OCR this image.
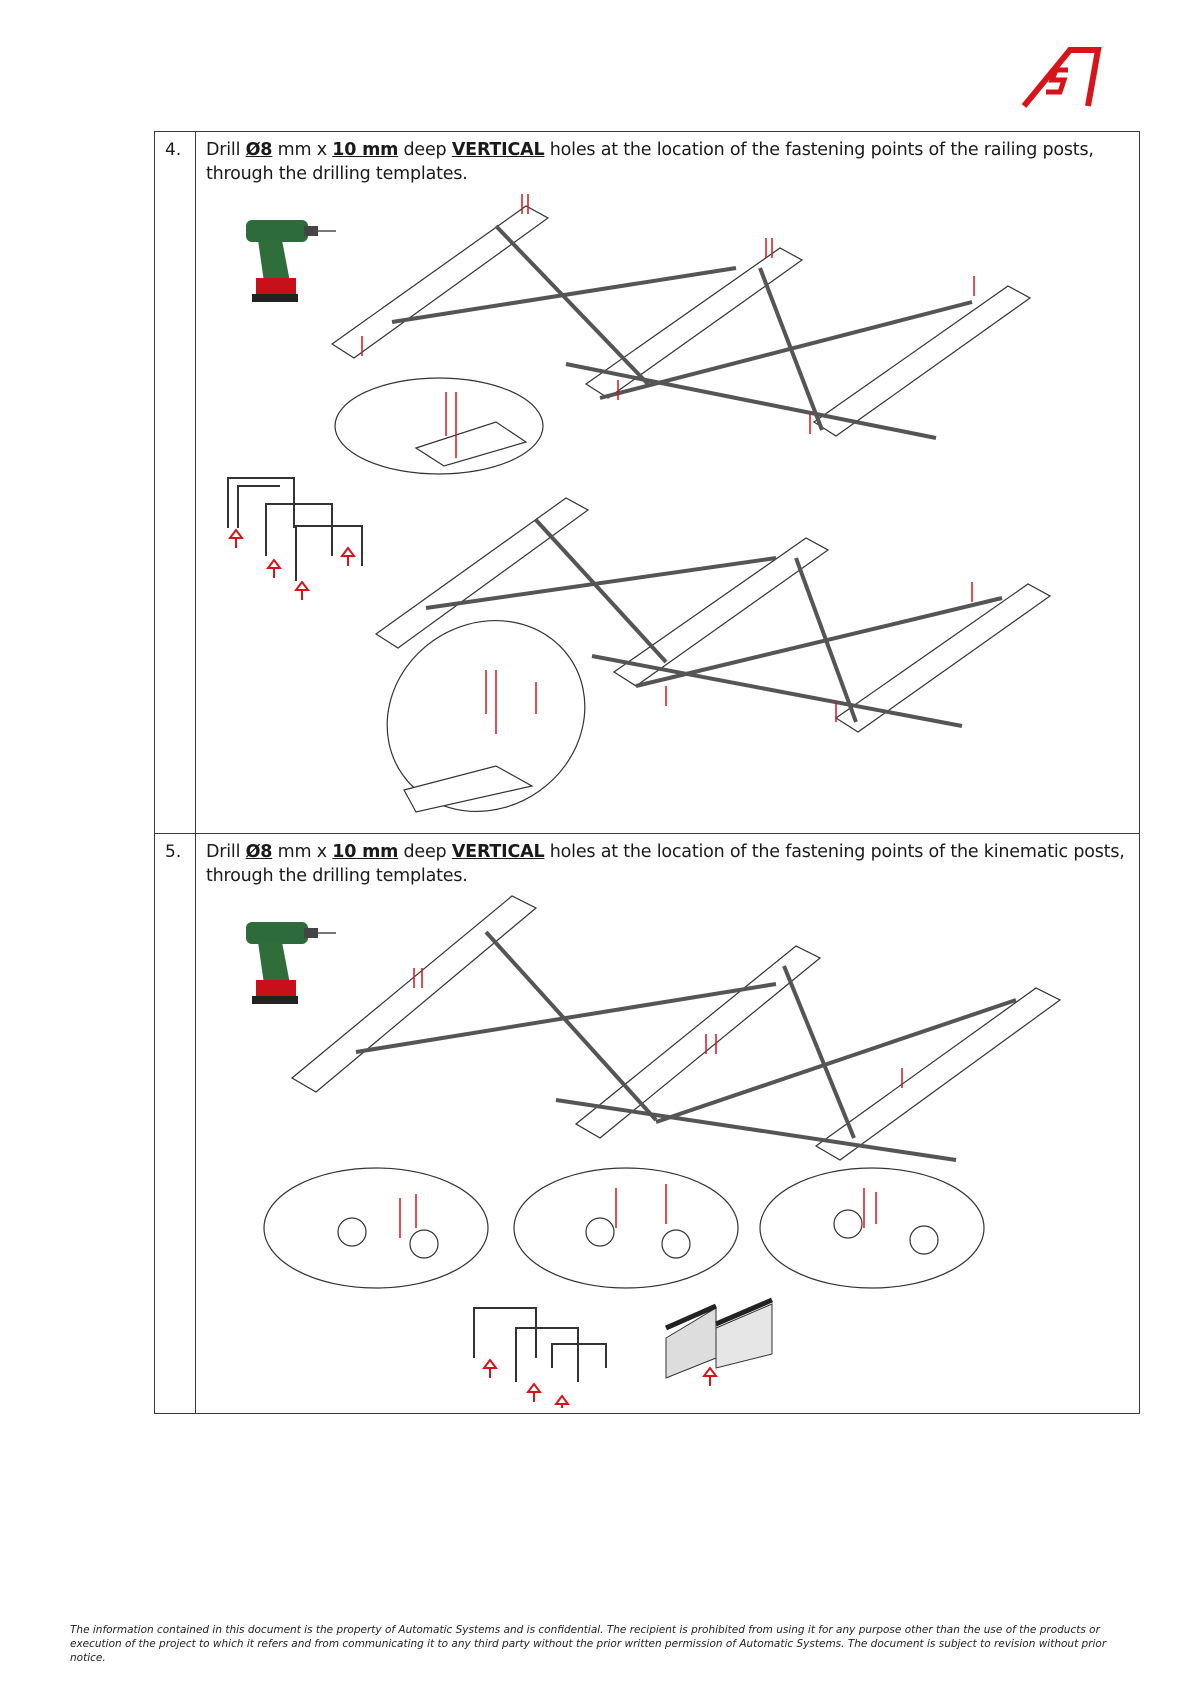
4.	Drill Ø8 mm x 10 mm deep VERTICAL holes at the location of the fastening points of the railing posts, through the drilling templates.

5.	Drill Ø8 mm x 10 mm deep VERTICAL holes at the location of the fastening points of the kinematic posts, through the drilling templates.
The information contained in this document is the property of Automatic Systems and is confidential. The recipient is prohibited from using it for any purpose other than the use of the products or execution of the project to which it refers and from communicating it to any third party without the prior written permission of Automatic Systems. The document is subject to revision without prior notice.
